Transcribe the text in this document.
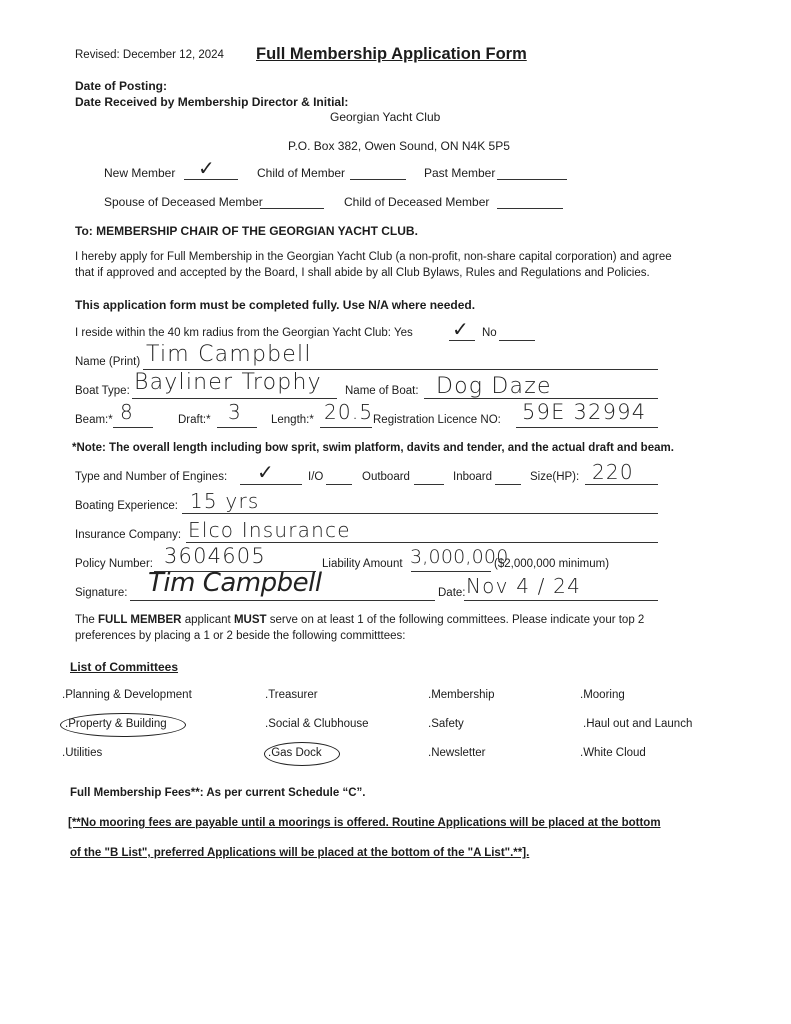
Revised: December 12, 2024 Full Membership Application Form
Date of Posting:
Date Received by Membership Director & Initial:
Georgian Yacht Club
P.O. Box 382, Owen Sound, ON N4K 5P5
New Member ✓	Child of Member	Past Member
Spouse of Deceased Member	Child of Deceased Member
To: MEMBERSHIP CHAIR OF THE GEORGIAN YACHT CLUB.
I hereby apply for Full Membership in the Georgian Yacht Club (a non-profit, non-share capital corporation) and agree
that if approved and accepted by the Board, I shall abide by all Club Bylaws, Rules and Regulations and Policies.
This application form must be completed fully. Use N/A where needed.
I reside within the 40 km radius from the Georgian Yacht Club: Yes ✓ No
Name (Print) Tim Campbell
Boat Type: Bayliner Trophy Name of Boat: Dog Daze
Beam:* 8	Draft:* 3	Length:* 20.5 Registration Licence NO: 59E 32994
*Note: The overall length including bow sprit, swim platform, davits and tender, and the actual draft and beam.
Type and Number of Engines: ✓	I/O	Outboard	Inboard	Size(HP): 220
Boating Experience: 15 yrs
Insurance Company: Elco Insurance
Policy Number: 3604605	Liability Amount 3,000,000
($2,000,000 minimum)
Signature: Tim Campbell	Date: Nov 4 / 24
The FULL MEMBER applicant MUST serve on at least 1 of the following committees. Please indicate your top 2
preferences by placing a 1 or 2 beside the following committtees:
List of Committees
.Planning & Development	.Treasurer	.Membership	.Mooring
.Property & Building	.Social & Clubhouse	.Safety	.Haul out and Launch
.Utilities	.Gas Dock	.Newsletter	.White Cloud
Full Membership Fees**: As per current Schedule “C”.
[**No mooring fees are payable until a moorings is offered. Routine Applications will be placed at the bottom
of the "B List", preferred Applications will be placed at the bottom of the "A List".**].
